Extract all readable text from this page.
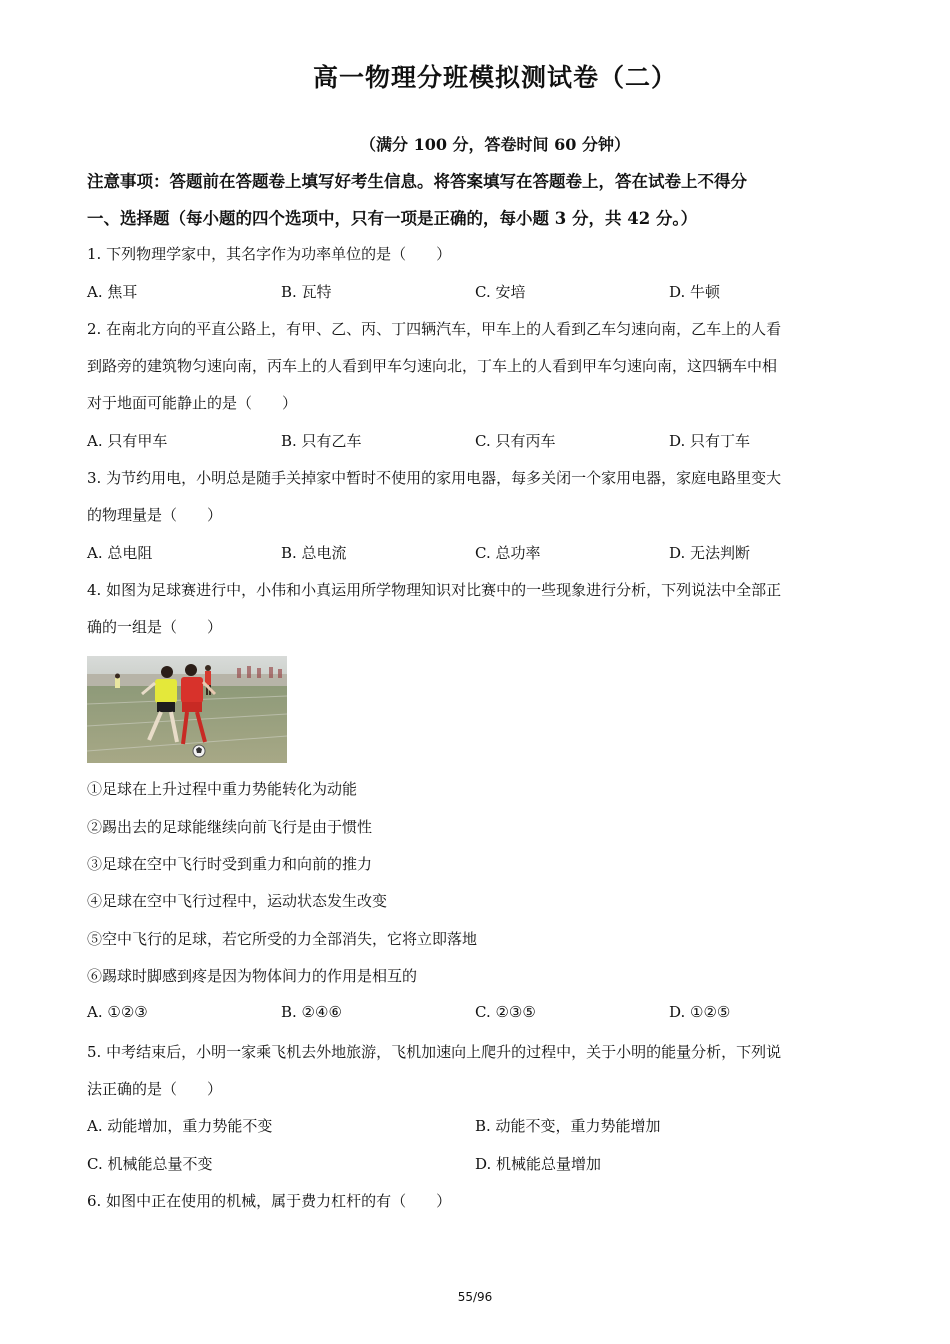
高一物理分班模拟测试卷（二）
（满分 100 分，答卷时间 60 分钟）
注意事项：答题前在答题卷上填写好考生信息。将答案填写在答题卷上，答在试卷上不得分
一、选择题（每小题的四个选项中，只有一项是正确的，每小题 3 分，共 42 分。）
1. 下列物理学家中，其名字作为功率单位的是（　　）
A. 焦耳	B. 瓦特	C. 安培	D. 牛顿
2. 在南北方向的平直公路上，有甲、乙、丙、丁四辆汽车，甲车上的人看到乙车匀速向南，乙车上的人看
到路旁的建筑物匀速向南，丙车上的人看到甲车匀速向北，丁车上的人看到甲车匀速向南，这四辆车中相
对于地面可能静止的是（　　）
A. 只有甲车	B. 只有乙车	C. 只有丙车	D. 只有丁车
3. 为节约用电，小明总是随手关掉家中暂时不使用的家用电器，每多关闭一个家用电器，家庭电路里变大
的物理量是（　　）
A. 总电阻	B. 总电流	C. 总功率	D. 无法判断
4. 如图为足球赛进行中，小伟和小真运用所学物理知识对比赛中的一些现象进行分析，下列说法中全部正
确的一组是（　　）
①足球在上升过程中重力势能转化为动能
②踢出去的足球能继续向前飞行是由于惯性
③足球在空中飞行时受到重力和向前的推力
④足球在空中飞行过程中，运动状态发生改变
⑤空中飞行的足球，若它所受的力全部消失，它将立即落地
⑥踢球时脚感到疼是因为物体间力的作用是相互的
A. ①②③	B. ②④⑥	C. ②③⑤	D. ①②⑤
5. 中考结束后，小明一家乘飞机去外地旅游，飞机加速向上爬升的过程中，关于小明的能量分析，下列说
法正确的是（　　）
A. 动能增加，重力势能不变	B. 动能不变，重力势能增加
C. 机械能总量不变	D. 机械能总量增加
6. 如图中正在使用的机械，属于费力杠杆的有（　　）
55/96
